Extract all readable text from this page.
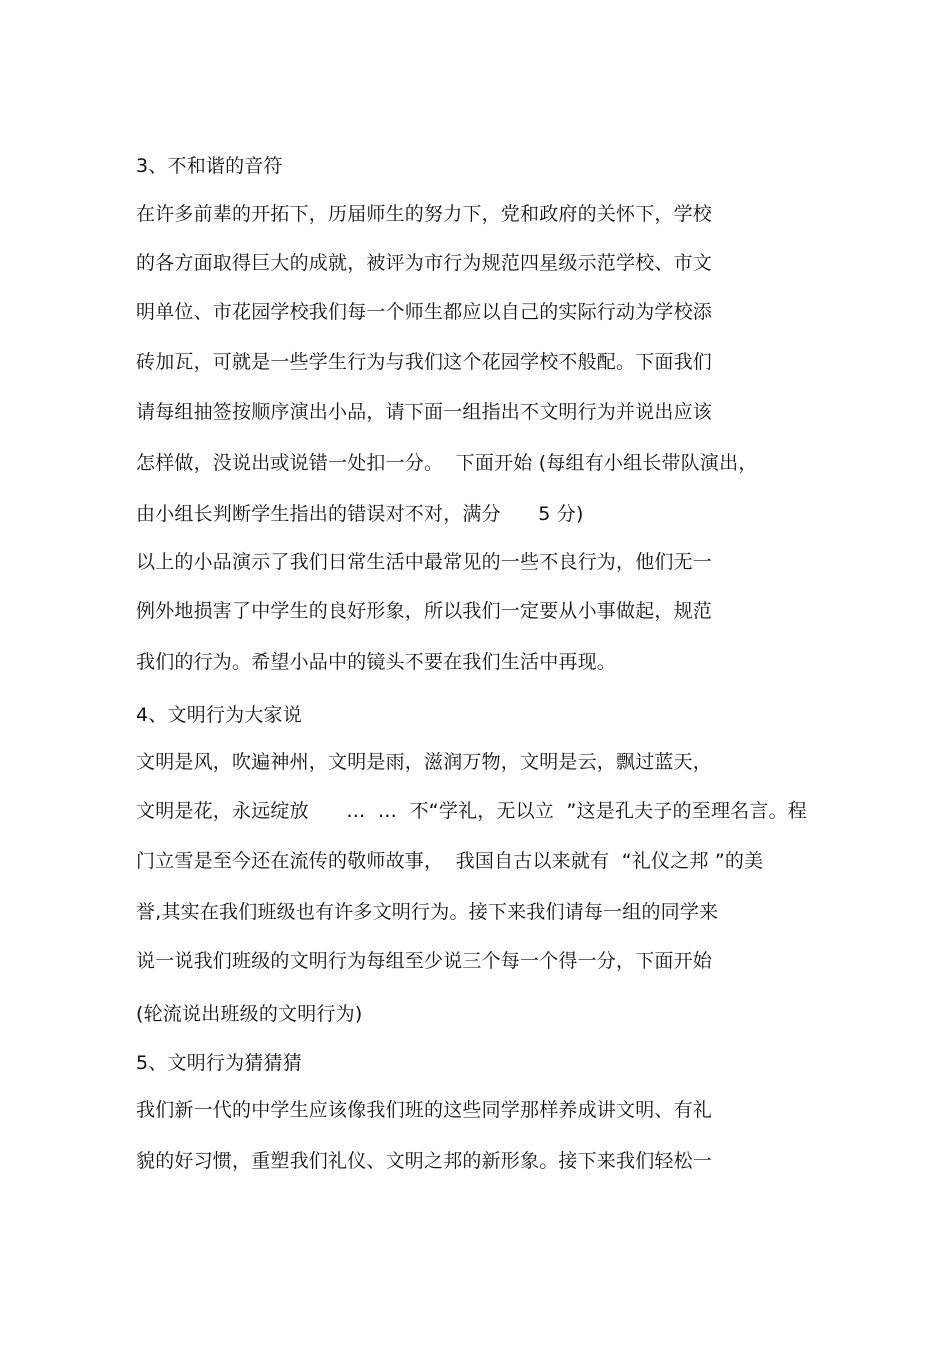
3、不和谐的音符
在许多前辈的开拓下，历届师生的努力下，党和政府的关怀下，学校
的各方面取得巨大的成就，被评为市行为规范四星级示范学校、市文
明单位、市花园学校我们每一个师生都应以自己的实际行动为学校添
砖加瓦，可就是一些学生行为与我们这个花园学校不般配。下面我们
请每组抽签按顺序演出小品，请下面一组指出不文明行为并说出应该
怎样做，没说出或说错一处扣一分。  下面开始 (每组有小组长带队演出，
由小组长判断学生指出的错误对不对，满分      5 分)
以上的小品演示了我们日常生活中最常见的一些不良行为，他们无一
例外地损害了中学生的良好形象，所以我们一定要从小事做起，规范
我们的行为。希望小品中的镜头不要在我们生活中再现。
4、文明行为大家说
文明是风，吹遍神州，文明是雨，滋润万物，文明是云，飘过蓝天，
文明是花，永远绽放      …  …  不“学礼，无以立  ”这是孔夫子的至理名言。程
门立雪是至今还在流传的敬师故事，  我国自古以来就有  “礼仪之邦 ”的美
誉,其实在我们班级也有许多文明行为。接下来我们请每一组的同学来
说一说我们班级的文明行为每组至少说三个每一个得一分，下面开始
(轮流说出班级的文明行为)
5、文明行为猜猜猜
我们新一代的中学生应该像我们班的这些同学那样养成讲文明、有礼
貌的好习惯，重塑我们礼仪、文明之邦的新形象。接下来我们轻松一
